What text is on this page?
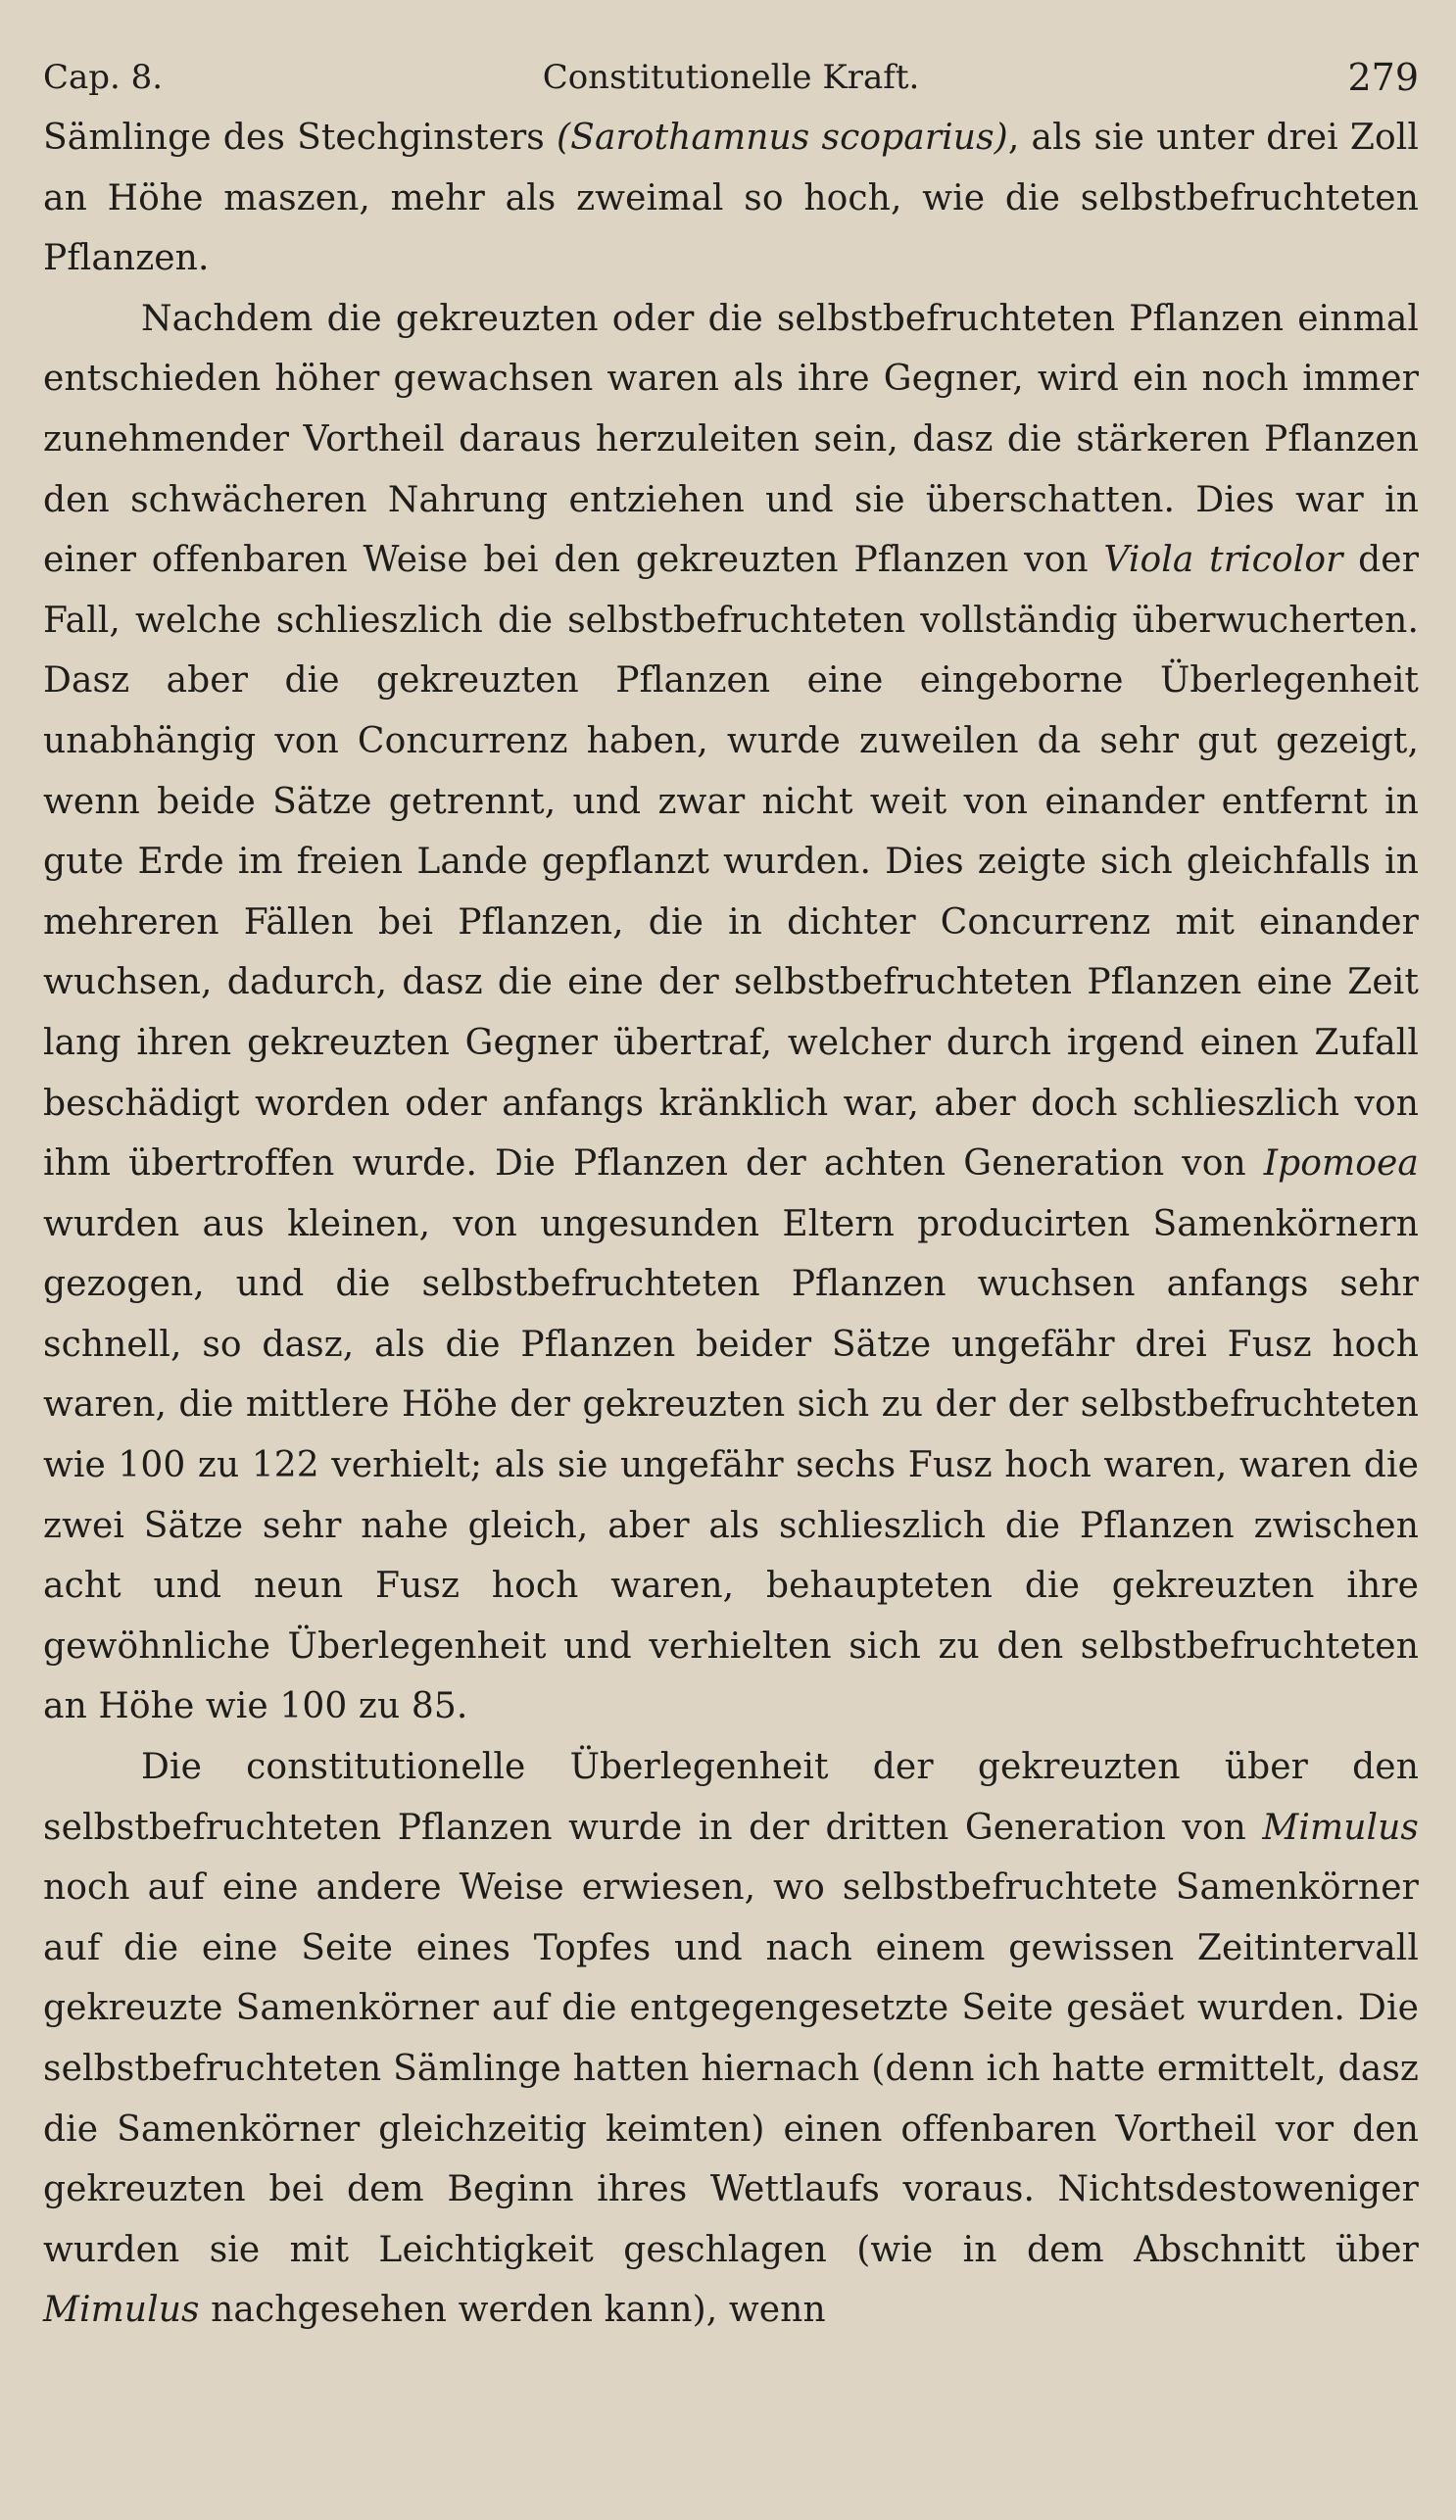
Cap. 8.	Constitutionelle Kraft.	279

Sämlinge des Stechginsters (Sarothamnus scoparius), als sie unter drei Zoll an Höhe maszen, mehr als zweimal so hoch, wie die selbstbefruchteten Pflanzen.

Nachdem die gekreuzten oder die selbstbefruchteten Pflanzen einmal entschieden höher gewachsen waren als ihre Gegner, wird ein noch immer zunehmender Vortheil daraus herzuleiten sein, dasz die stärkeren Pflanzen den schwächeren Nahrung entziehen und sie überschatten. Dies war in einer offenbaren Weise bei den gekreuzten Pflanzen von Viola tricolor der Fall, welche schlieszlich die selbstbefruchteten vollständig überwucherten. Dasz aber die gekreuzten Pflanzen eine eingeborne Überlegenheit unabhängig von Concurrenz haben, wurde zuweilen da sehr gut gezeigt, wenn beide Sätze getrennt, und zwar nicht weit von einander entfernt in gute Erde im freien Lande gepflanzt wurden. Dies zeigte sich gleichfalls in mehreren Fällen bei Pflanzen, die in dichter Concurrenz mit einander wuchsen, dadurch, dasz die eine der selbstbefruchteten Pflanzen eine Zeit lang ihren gekreuzten Gegner übertraf, welcher durch irgend einen Zufall beschädigt worden oder anfangs kränklich war, aber doch schlieszlich von ihm übertroffen wurde. Die Pflanzen der achten Generation von Ipomoea wurden aus kleinen, von ungesunden Eltern producirten Samenkörnern gezogen, und die selbstbefruchteten Pflanzen wuchsen anfangs sehr schnell, so dasz, als die Pflanzen beider Sätze ungefähr drei Fusz hoch waren, die mittlere Höhe der gekreuzten sich zu der der selbstbefruchteten wie 100 zu 122 verhielt; als sie ungefähr sechs Fusz hoch waren, waren die zwei Sätze sehr nahe gleich, aber als schlieszlich die Pflanzen zwischen acht und neun Fusz hoch waren, behaupteten die gekreuzten ihre gewöhnliche Überlegenheit und verhielten sich zu den selbstbefruchteten an Höhe wie 100 zu 85.

Die constitutionelle Überlegenheit der gekreuzten über den selbstbefruchteten Pflanzen wurde in der dritten Generation von Mimulus noch auf eine andere Weise erwiesen, wo selbstbefruchtete Samenkörner auf die eine Seite eines Topfes und nach einem gewissen Zeitintervall gekreuzte Samenkörner auf die entgegengesetzte Seite gesäet wurden. Die selbstbefruchteten Sämlinge hatten hiernach (denn ich hatte ermittelt, dasz die Samenkörner gleichzeitig keimten) einen offenbaren Vortheil vor den gekreuzten bei dem Beginn ihres Wettlaufs voraus. Nichtsdestoweniger wurden sie mit Leichtigkeit geschlagen (wie in dem Abschnitt über Mimulus nachgesehen werden kann), wenn
